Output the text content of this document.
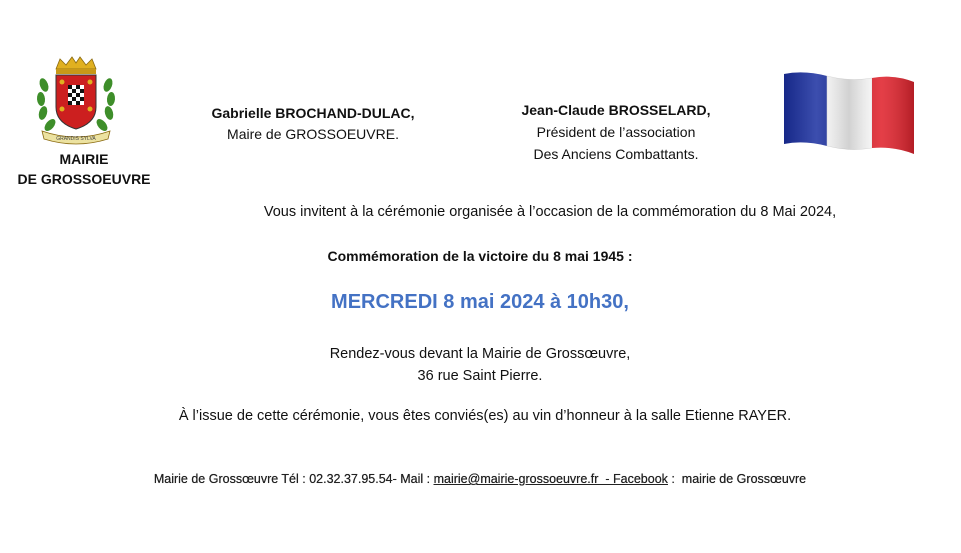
GRANDIS SYLVA
MAIRIE
DE GROSSOEUVRE
Gabrielle BROCHAND-DULAC,
Maire de GROSSOEUVRE.
Jean-Claude BROSSELARD,
Président de l’association
Des Anciens Combattants.
Vous invitent à la cérémonie organisée à l’occasion de la commémoration du 8 Mai 2024,
Commémoration de la victoire du 8 mai 1945 :
MERCREDI 8 mai 2024 à 10h30,
Rendez-vous devant la Mairie de Grossœuvre,
36 rue Saint Pierre.
À l’issue de cette cérémonie, vous êtes conviés(es) au vin d’honneur à la salle Etienne RAYER.
Mairie de Grossœuvre Tél : 02.32.37.95.54- Mail : mairie@mairie-grossoeuvre.fr  - Facebook :  mairie de Grossœuvre
